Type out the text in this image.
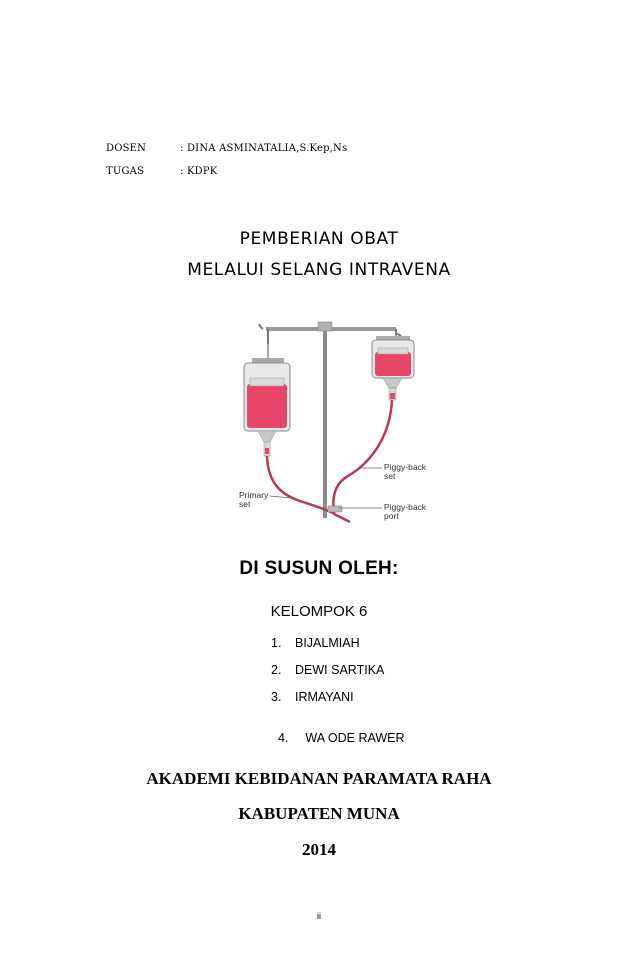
DOSEN	: DINA ASMINATALIA,S.Kep,Ns
TUGAS	: KDPK
PEMBERIAN OBAT
MELALUI SELANG INTRAVENA
Primary
set
Piggy-back
set
Piggy-back
port
DI SUSUN OLEH:
KELOMPOK 6
1. BIJALMIAH
2. DEWI SARTIKA
3. IRMAYANI

4. WA ODE RAWER

AKADEMI KEBIDANAN PARAMATA RAHA
KABUPATEN MUNA
2014
ii
